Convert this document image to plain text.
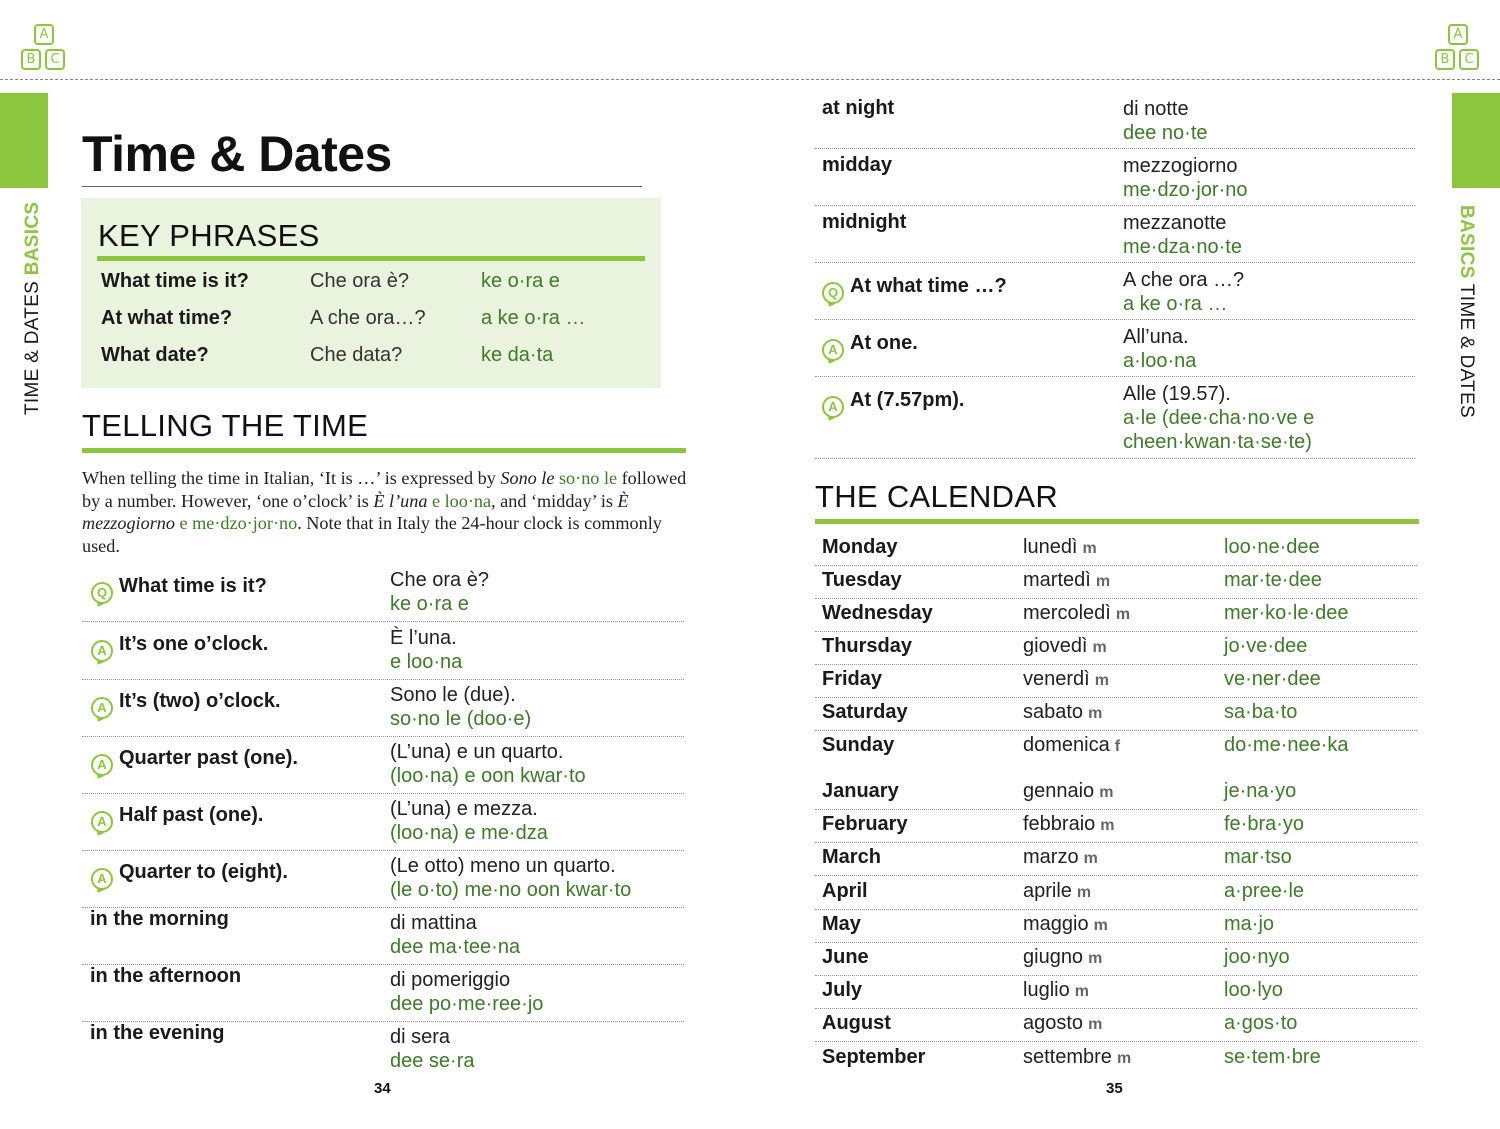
A
B	C
A
B	C
TIME & DATES BASICS	BASICS TIME & DATES
Time & Dates
KEY PHRASES
What time is it?	Che ora è?	ke o·ra e
At what time?	A che ora…?	a ke o·ra …
What date?	Che data?	ke da·ta
TELLING THE TIME
When telling the time in Italian, ‘It is …’ is expressed by Sono le so·no le followed by a number. However, ‘one o’clock’ is È l’una e loo·na, and ‘midday’ is È mezzogiorno e me·dzo·jor·no. Note that in Italy the 24-hour clock is commonly used.
Q What time is it?	Che ora è?
ke o·ra e
A It’s one o’clock.	È l’una.
e loo·na
A It’s (two) o’clock.	Sono le (due).
so·no le (doo·e)
A Quarter past (one).	(L’una) e un quarto.
(loo·na) e oon kwar·to
A Half past (one).	(L’una) e mezza.
(loo·na) e me·dza
A Quarter to (eight).	(Le otto) meno un quarto.
(le o·to) me·no oon kwar·to
in the morning	di mattina
dee ma·tee·na
in the afternoon	di pomeriggio
dee po·me·ree·jo
in the evening	di sera
dee se·ra
at night	di notte
dee no·te
midday	mezzogiorno
me·dzo·jor·no
midnight	mezzanotte
me·dza·no·te
Q At what time …?	A che ora …?
a ke o·ra …
A At one.	All’una.
a·loo·na
A At (7.57pm).	Alle (19.57).
a·le (dee·cha·no·ve e cheen·kwan·ta·se·te)
THE CALENDAR
Monday	lunedì m	loo·ne·dee
Tuesday	martedì m	mar·te·dee
Wednesday	mercoledì m	mer·ko·le·dee
Thursday	giovedì m	jo·ve·dee
Friday	venerdì m	ve·ner·dee
Saturday	sabato m	sa·ba·to
Sunday	domenica f	do·me·nee·ka
January	gennaio m	je·na·yo
February	febbraio m	fe·bra·yo
March	marzo m	mar·tso
April	aprile m	a·pree·le
May	maggio m	ma·jo
June	giugno m	joo·nyo
July	luglio m	loo·lyo
August	agosto m	a·gos·to
September	settembre m	se·tem·bre
34	35
